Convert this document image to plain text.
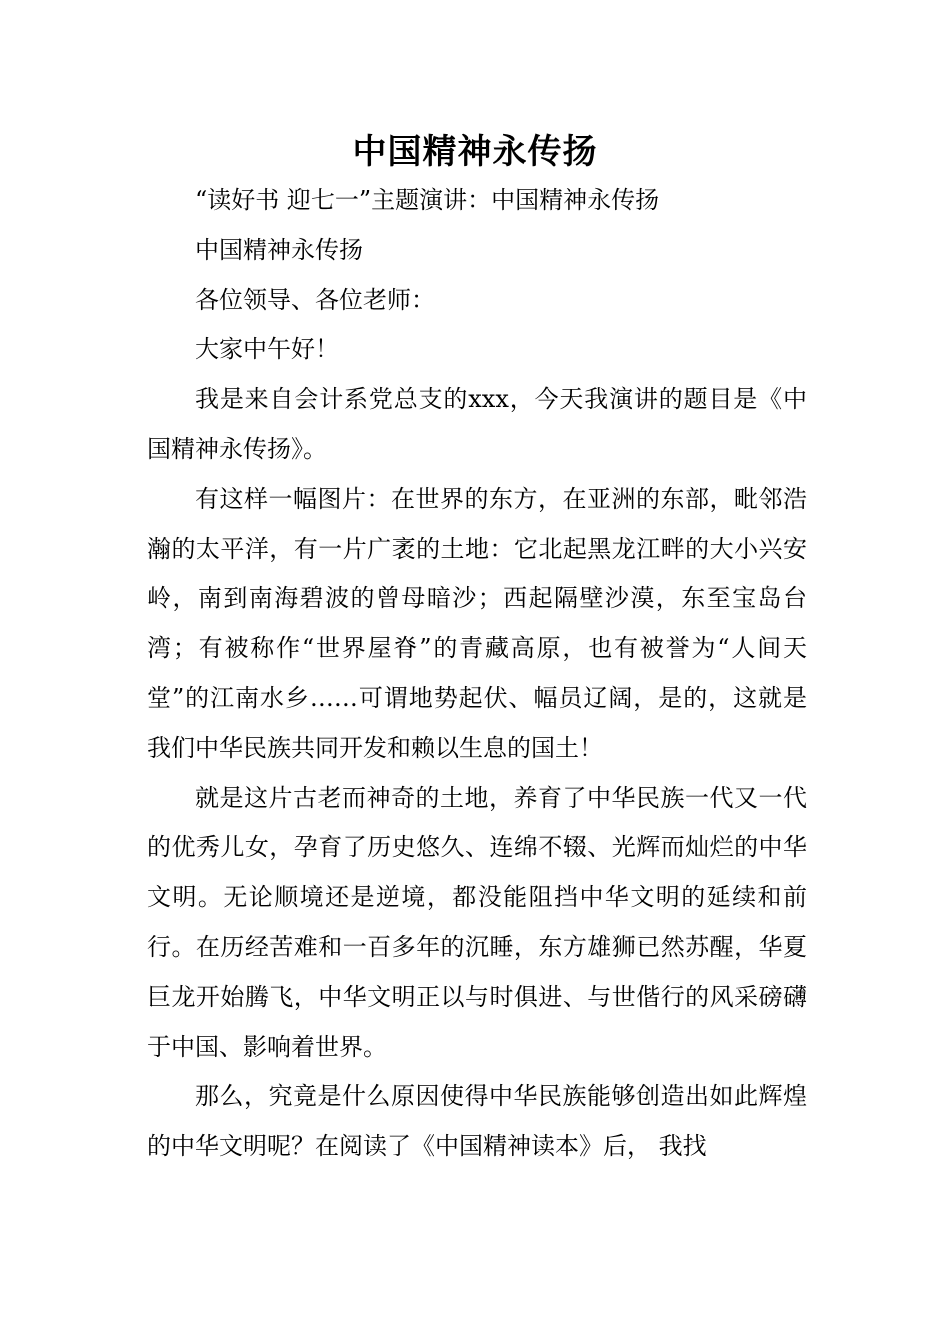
中国精神永传扬

“读好书 迎七一”主题演讲：中国精神永传扬

中国精神永传扬

各位领导、各位老师：

大家中午好！

我是来自会计系党总支的xxx，今天我演讲的题目是《中国精神永传扬》。

有这样一幅图片：在世界的东方，在亚洲的东部，毗邻浩瀚的太平洋，有一片广袤的土地：它北起黑龙江畔的大小兴安岭，南到南海碧波的曾母暗沙；西起隔壁沙漠，东至宝岛台湾；有被称作“世界屋脊”的青藏高原，也有被誉为“人间天堂”的江南水乡……可谓地势起伏、幅员辽阔，是的，这就是我们中华民族共同开发和赖以生息的国土！

就是这片古老而神奇的土地，养育了中华民族一代又一代的优秀儿女，孕育了历史悠久、连绵不辍、光辉而灿烂的中华文明。无论顺境还是逆境，都没能阻挡中华文明的延续和前行。在历经苦难和一百多年的沉睡，东方雄狮已然苏醒，华夏巨龙开始腾飞，中华文明正以与时俱进、与世偕行的风采磅礴于中国、影响着世界。

那么，究竟是什么原因使得中华民族能够创造出如此辉煌的中华文明呢？在阅读了《中国精神读本》后， 我找
